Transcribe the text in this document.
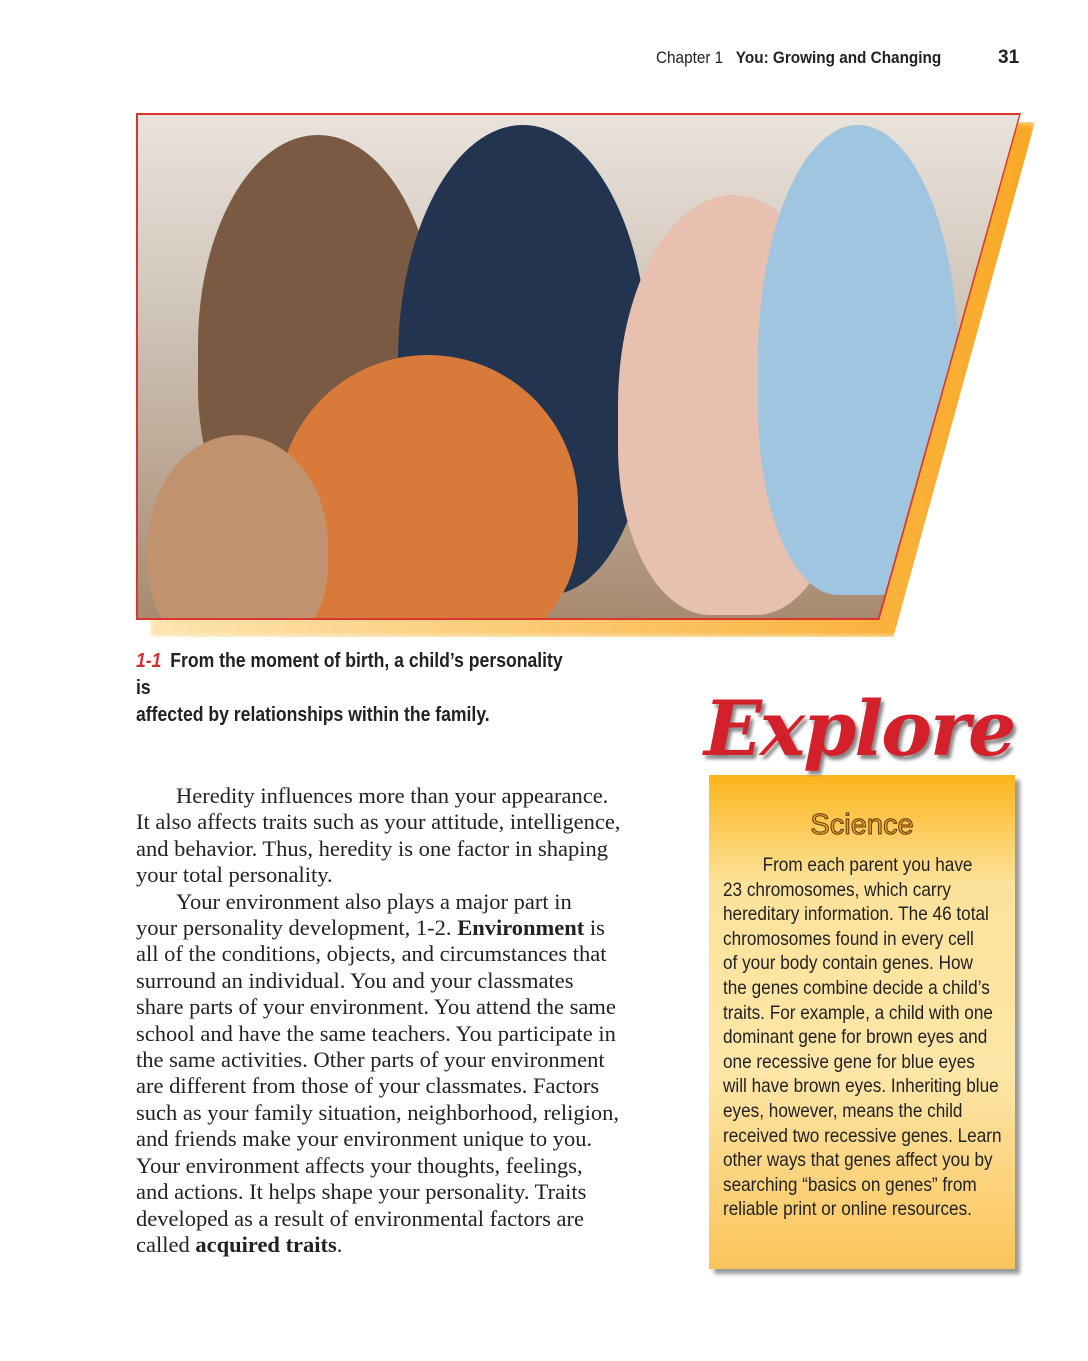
Chapter 1 You: Growing and Changing	31
1-1 From the moment of birth, a child’s personality is
affected by relationships within the family.
Heredity influences more than your appearance.
It also affects traits such as your attitude, intelligence,
and behavior. Thus, heredity is one factor in shaping
your total personality.
Your environment also plays a major part in
your personality development, 1-2. Environment is
all of the conditions, objects, and circumstances that
surround an individual. You and your classmates
share parts of your environment. You attend the same
school and have the same teachers. You participate in
the same activities. Other parts of your environment
are different from those of your classmates. Factors
such as your family situation, neighborhood, religion,
and friends make your environment unique to you.
Your environment affects your thoughts, feelings,
and actions. It helps shape your personality. Traits
developed as a result of environmental factors are
called acquired traits.
Science
From each parent you have
23 chromosomes, which carry
hereditary information. The 46 total
chromosomes found in every cell
of your body contain genes. How
the genes combine decide a child’s
traits. For example, a child with one
dominant gene for brown eyes and
one recessive gene for blue eyes
will have brown eyes. Inheriting blue
eyes, however, means the child
received two recessive genes. Learn
other ways that genes affect you by
searching “basics on genes” from
reliable print or online resources.
Explore
